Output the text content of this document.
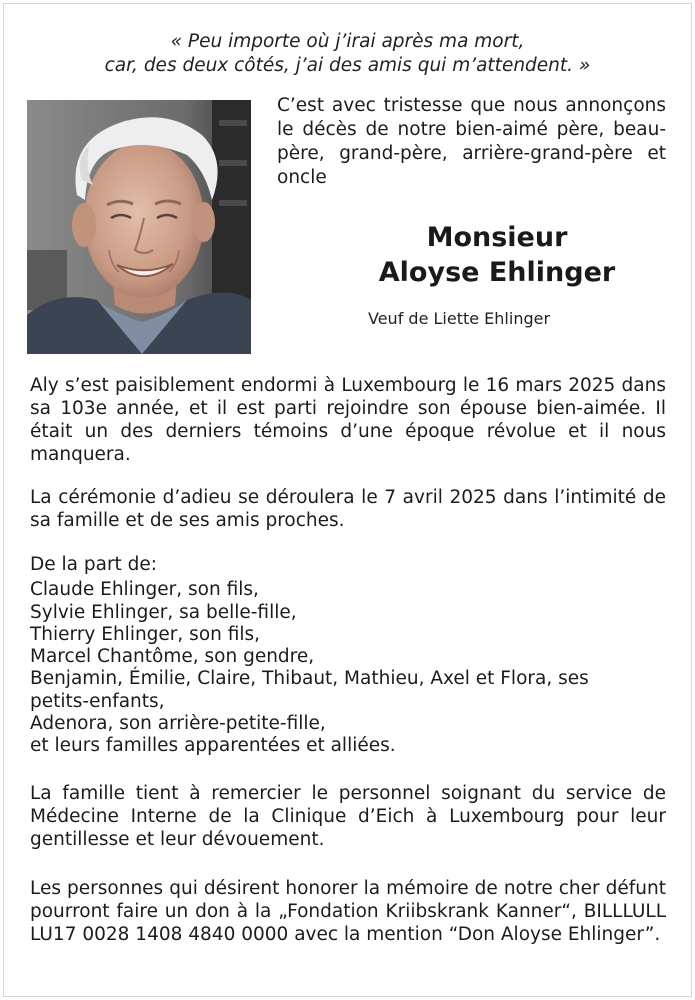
« Peu importe où j’irai après ma mort,
car, des deux côtés, j’ai des amis qui m’attendent. »
C’est avec tristesse que nous annonçons le décès de notre bien-aimé père, beau-père, grand-père, arrière-grand-père et oncle
Monsieur
Aloyse Ehlinger
Veuf de Liette Ehlinger
Aly s’est paisiblement endormi à Luxembourg le 16 mars 2025 dans sa 103e année, et il est parti rejoindre son épouse bien-aimée. Il était un des derniers témoins d’une époque révolue et il nous manquera.
La cérémonie d’adieu se déroulera le 7 avril 2025 dans l’intimité de sa famille et de ses amis proches.
De la part de:
Claude Ehlinger, son fils,
Sylvie Ehlinger, sa belle-fille,
Thierry Ehlinger, son fils,
Marcel Chantôme, son gendre,
Benjamin, Émilie, Claire, Thibaut, Mathieu, Axel et Flora, ses
petits-enfants,
Adenora, son arrière-petite-fille,
et leurs familles apparentées et alliées.
La famille tient à remercier le personnel soignant du service de Médecine Interne de la Clinique d’Eich à Luxembourg pour leur gentillesse et leur dévouement.
Les personnes qui désirent honorer la mémoire de notre cher défunt pourront faire un don à la „Fondation Kriibskrank Kanner“, BILLLULL LU17 0028 1408 4840 0000 avec la mention “Don Aloyse Ehlinger”.
